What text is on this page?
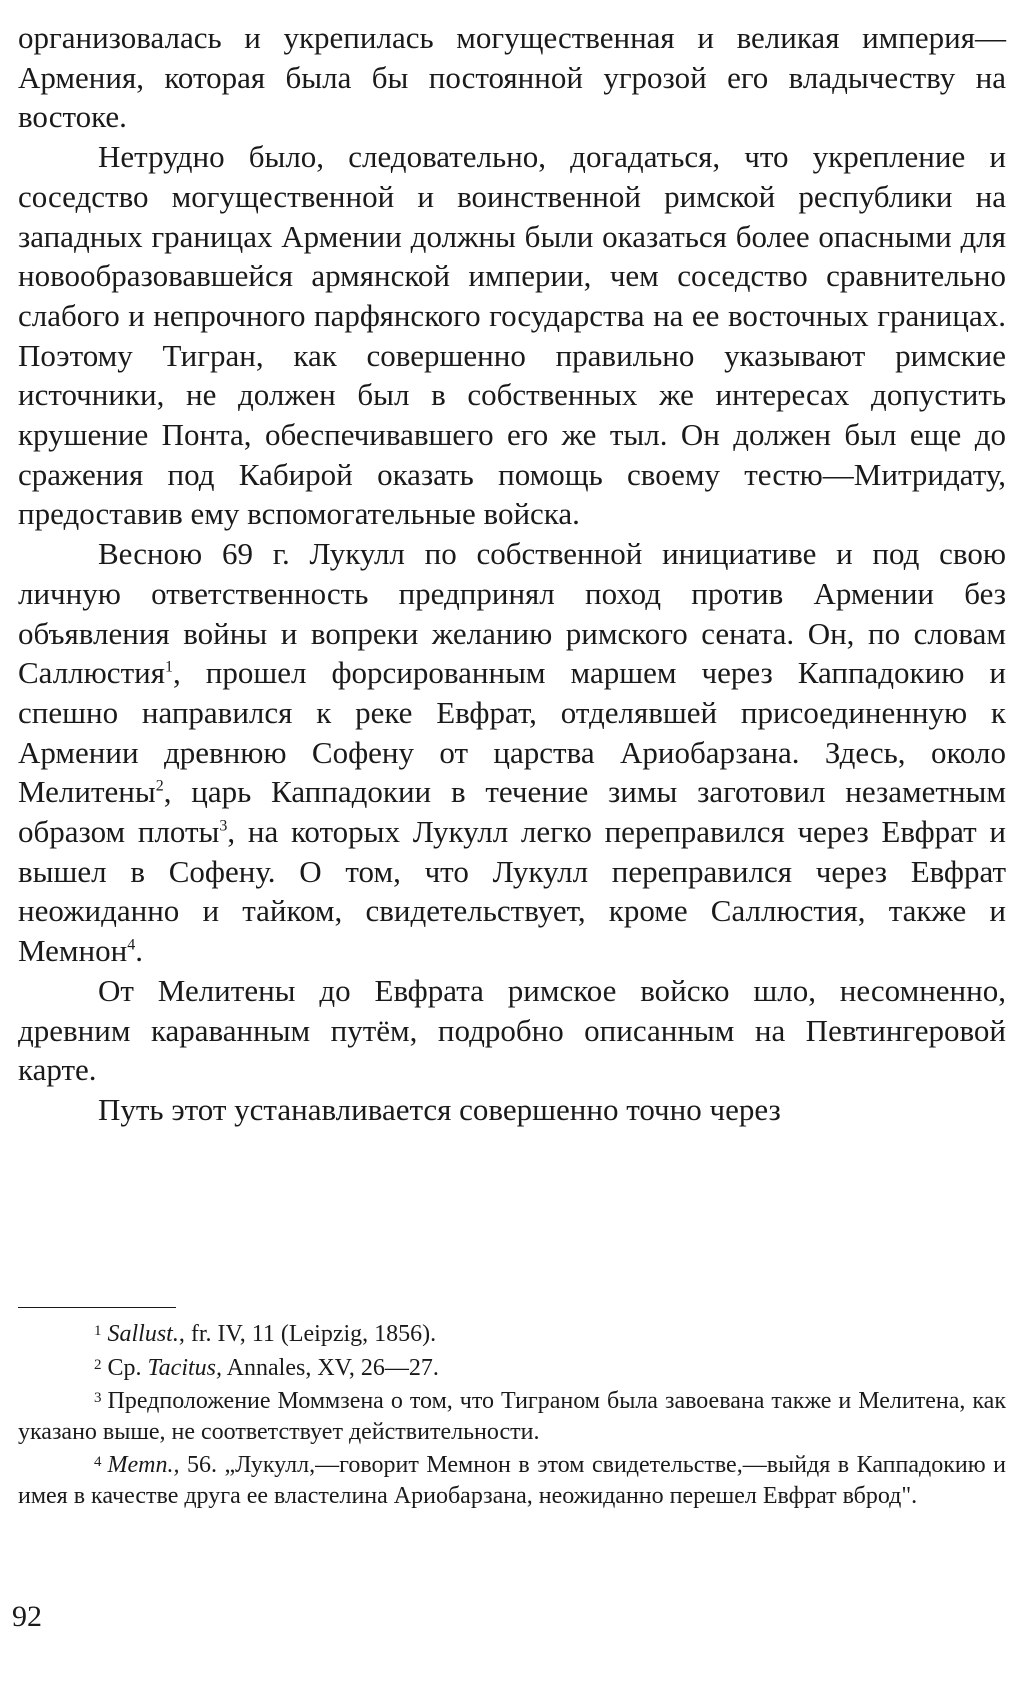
организовалась и укрепилась могущественная и великая империя—Армения, которая была бы постоянной угрозой его владычеству на востоке.

Нетрудно было, следовательно, догадаться, что укрепление и соседство могущественной и воинственной римской республики на западных границах Армении должны были оказаться более опасными для новообразовавшейся армянской империи, чем соседство сравнительно слабого и непрочного парфянского государства на ее восточных границах. Поэтому Тигран, как совершенно правильно указывают римские источники, не должен был в собственных же интересах допустить крушение Понта, обеспечивавшего его же тыл. Он должен был еще до сражения под Кабирой оказать помощь своему тестю—Митридату, предоставив ему вспомогательные войска.

Весною 69 г. Лукулл по собственной инициативе и под свою личную ответственность предпринял поход против Армении без объявления войны и вопреки желанию римского сената. Он, по словам Саллюстия$^1$, прошел форсированным маршем через Каппадокию и спешно направился к реке Евфрат, отделявшей присоединенную к Армении древнюю Софену от царства Ариобарзана. Здесь, около Мелитены$^2$, царь Каппадокии в течение зимы заготовил незаметным образом плоты$^3$, на которых Лукулл легко переправился через Евфрат и вышел в Софену. О том, что Лукулл переправился через Евфрат неожиданно и тайком, свидетельствует, кроме Саллюстия, также и Мемнон$^4$.

От Мелитены до Евфрата римское войско шло, несомненно, древним караванным путём, подробно описанным на Певтингеровой карте.

Путь этот устанавливается совершенно точно через

$^1$ Sallust., fr. IV, 11 (Leipzig, 1856).

$^2$ Ср. Tacitus, Annales, XV, 26—27.

$^3$ Предположение Моммзена о том, что Тиграном была завоевана также и Мелитена, как указано выше, не соответствует действительности.

$^4$ Memn., 56. „Лукулл,—говорит Мемнон в этом свидетельстве,—выйдя в Каппадокию и имея в качестве друга ее властелина Ариобарзана, неожиданно перешел Евфрат вброд".

92
